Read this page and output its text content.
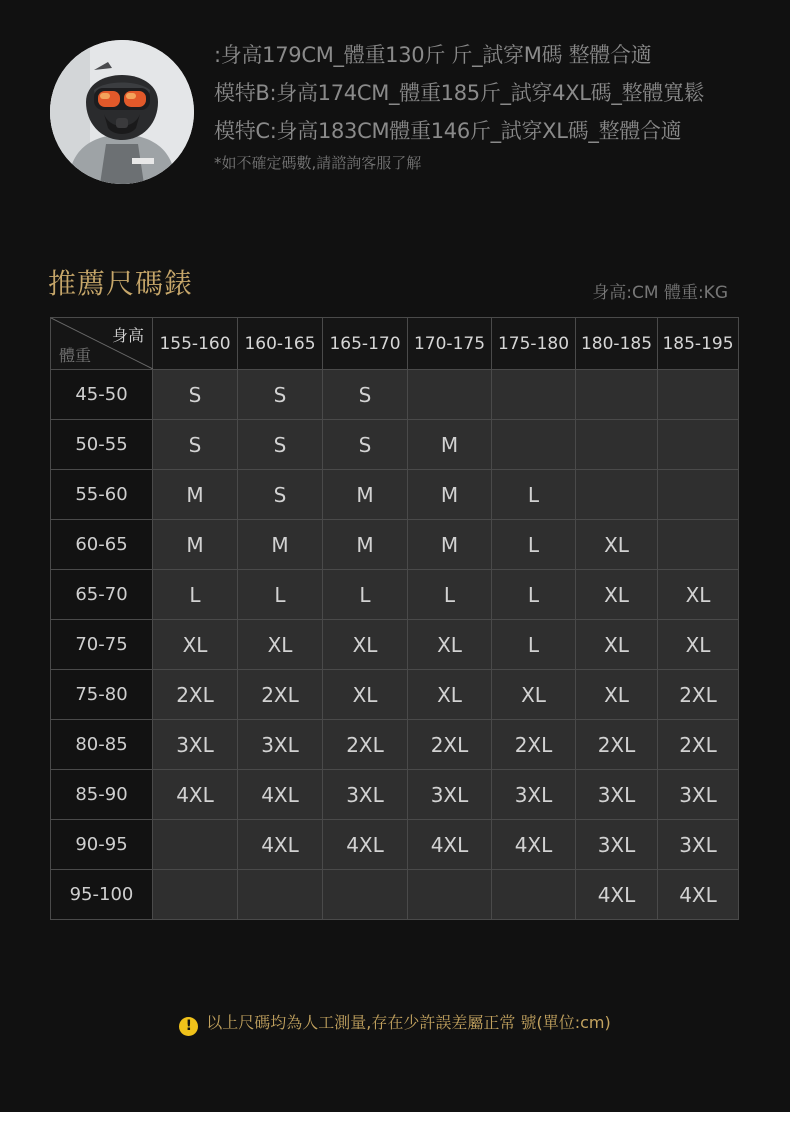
:身高179CM_體重130斤 斤_試穿M碼 整體合適
模特B:身高174CM_體重185斤_試穿4XL碼_整體寬鬆
模特C:身高183CM體重146斤_試穿XL碼_整體合適
*如不確定碼數,請諮詢客服了解
推薦尺碼錶	身高:CM 體重:KG
身高
體重	155-160	160-165	165-170	170-175	175-180	180-185	185-195
45-50	S	S	S				
50-55	S	S	S	M			
55-60	M	S	M	M	L		
60-65	M	M	M	M	L	XL	
65-70	L	L	L	L	L	XL	XL
70-75	XL	XL	XL	XL	L	XL	XL
75-80	2XL	2XL	XL	XL	XL	XL	2XL
80-85	3XL	3XL	2XL	2XL	2XL	2XL	2XL
85-90	4XL	4XL	3XL	3XL	3XL	3XL	3XL
90-95		4XL	4XL	4XL	4XL	3XL	3XL
95-100						4XL	4XL
! 以上尺碼均為人工測量,存在少許誤差屬正常 號(單位:cm)
